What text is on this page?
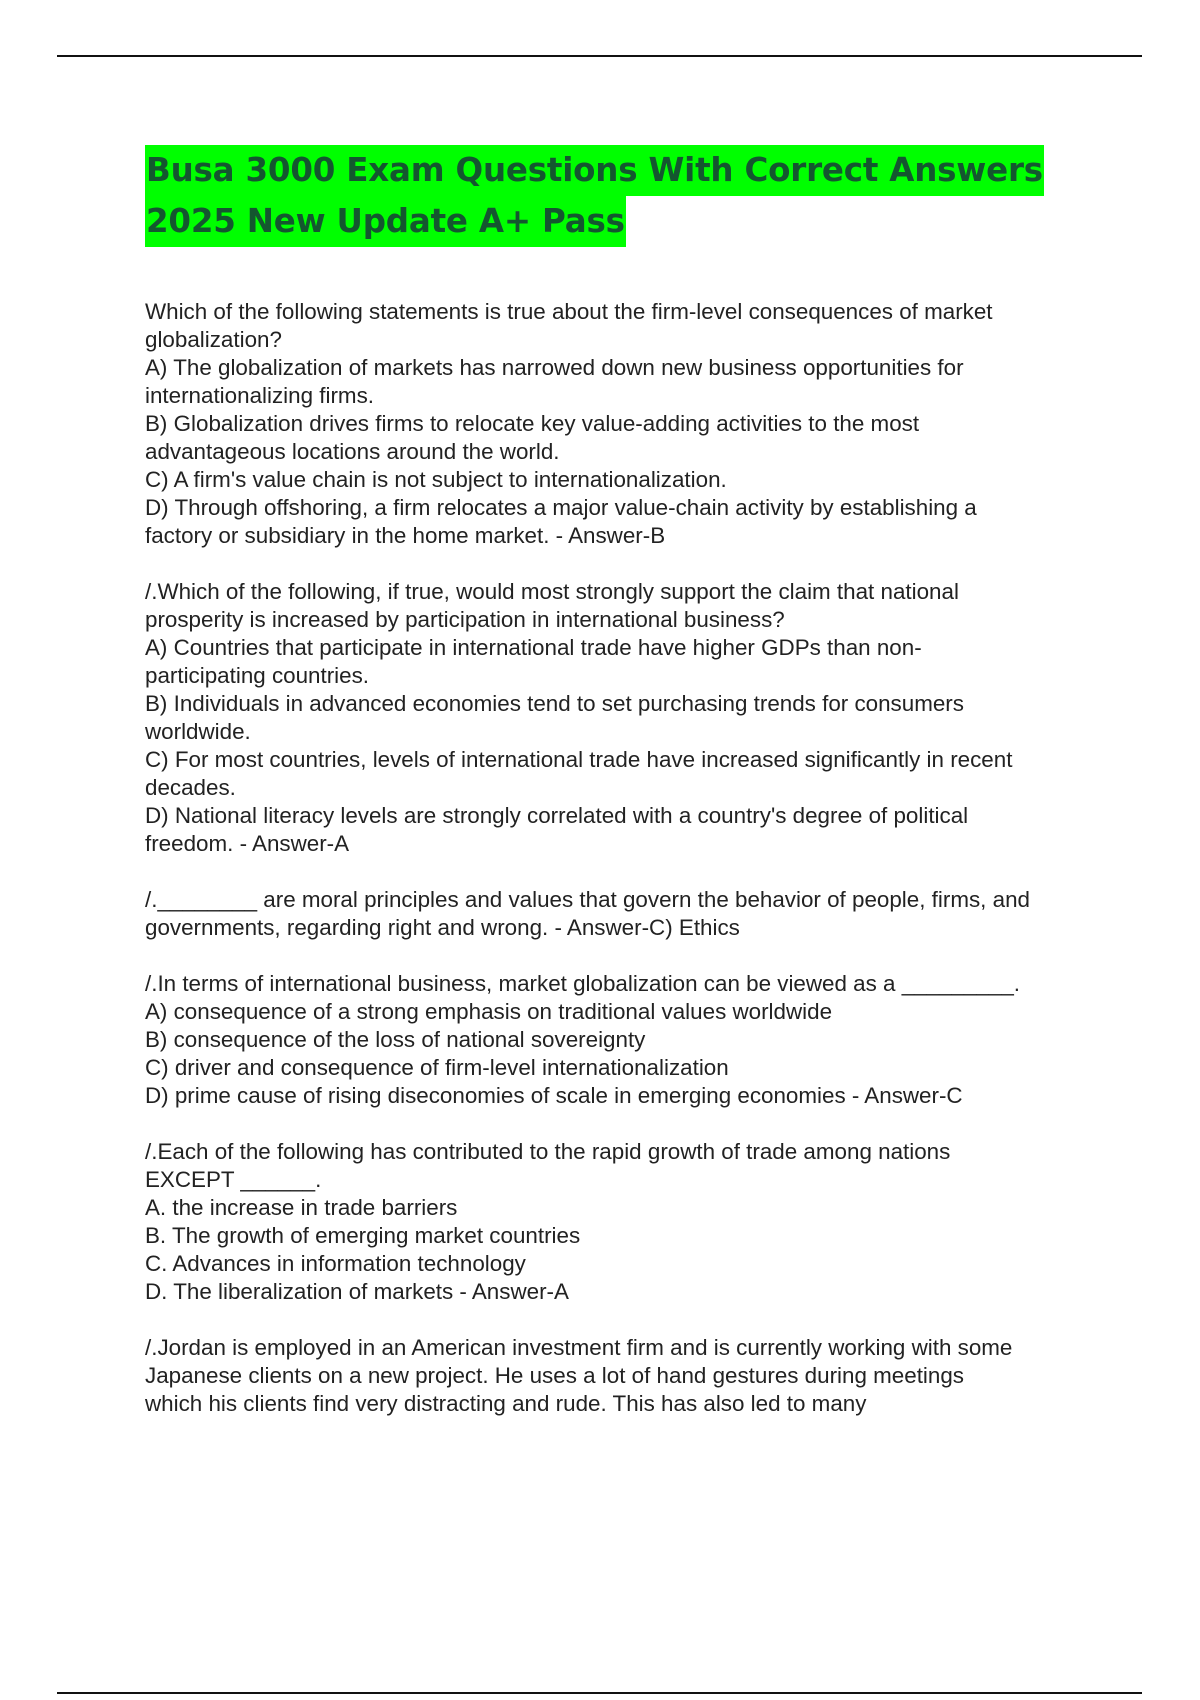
Busa 3000 Exam Questions With Correct Answers
2025 New Update A+ Pass
Which of the following statements is true about the firm-level consequences of market
globalization?
A) The globalization of markets has narrowed down new business opportunities for
internationalizing firms.
B) Globalization drives firms to relocate key value-adding activities to the most
advantageous locations around the world.
C) A firm's value chain is not subject to internationalization.
D) Through offshoring, a firm relocates a major value-chain activity by establishing a
factory or subsidiary in the home market. - Answer-B
/.Which of the following, if true, would most strongly support the claim that national
prosperity is increased by participation in international business?
A) Countries that participate in international trade have higher GDPs than non-
participating countries.
B) Individuals in advanced economies tend to set purchasing trends for consumers
worldwide.
C) For most countries, levels of international trade have increased significantly in recent
decades.
D) National literacy levels are strongly correlated with a country's degree of political
freedom. - Answer-A
/.________ are moral principles and values that govern the behavior of people, firms, and
governments, regarding right and wrong. - Answer-C) Ethics
/.In terms of international business, market globalization can be viewed as a _________.
A) consequence of a strong emphasis on traditional values worldwide
B) consequence of the loss of national sovereignty
C) driver and consequence of firm-level internationalization
D) prime cause of rising diseconomies of scale in emerging economies - Answer-C
/.Each of the following has contributed to the rapid growth of trade among nations
EXCEPT ______.
A. the increase in trade barriers
B. The growth of emerging market countries
C. Advances in information technology
D. The liberalization of markets - Answer-A
/.Jordan is employed in an American investment firm and is currently working with some
Japanese clients on a new project. He uses a lot of hand gestures during meetings
which his clients find very distracting and rude. This has also led to many
